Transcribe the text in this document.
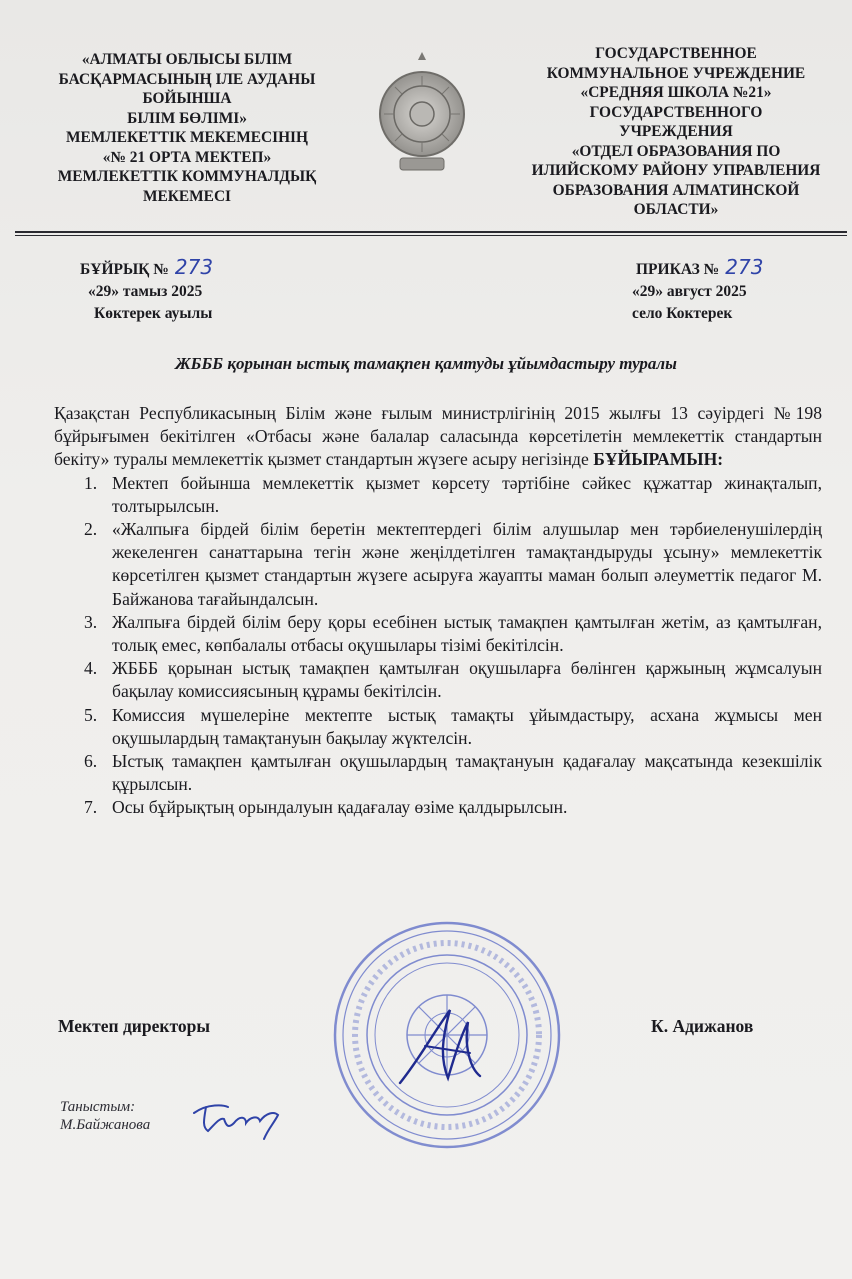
«АЛМАТЫ ОБЛЫСЫ БІЛІМ
БАСҚАРМАСЫНЫҢ ІЛЕ АУДАНЫ
БОЙЫНША
БІЛІМ БӨЛІМІ»
МЕМЛЕКЕТТІК МЕКЕМЕСІНІҢ
«№ 21 ОРТА МЕКТЕП»
МЕМЛЕКЕТТІК КОММУНАЛДЫҚ
МЕКЕМЕСІ
ГОСУДАРСТВЕННОЕ
КОММУНАЛЬНОЕ УЧРЕЖДЕНИЕ
«СРЕДНЯЯ ШКОЛА №21»
ГОСУДАРСТВЕННОГО
УЧРЕЖДЕНИЯ
«ОТДЕЛ ОБРАЗОВАНИЯ ПО
ИЛИЙСКОМУ РАЙОНУ УПРАВЛЕНИЯ
ОБРАЗОВАНИЯ АЛМАТИНСКОЙ
ОБЛАСТИ»
БҰЙРЫҚ № 273
«29» тамыз 2025
Көктерек ауылы
ПРИКАЗ № 273
«29» август 2025
село Коктерек
ЖБББ қорынан ыстық тамақпен қамтуды ұйымдастыру туралы

Қазақстан Республикасының Білім және ғылым министрлігінің 2015 жылғы 13 сәуірдегі №198 бұйрығымен бекітілген «Отбасы және балалар саласында көрсетілетін мемлекеттік стандартын бекіту» туралы мемлекеттік қызмет стандартын жүзеге асыру негізінде БҰЙЫРАМЫН:

1. Мектеп бойынша мемлекеттік қызмет көрсету тәртібіне сәйкес құжаттар жинақталып, толтырылсын.
2. «Жалпыға бірдей білім беретін мектептердегі білім алушылар мен тәрбиеленушілердің жекеленген санаттарына тегін және жеңілдетілген тамақтандыруды ұсыну» мемлекеттік көрсетілген қызмет стандартын жүзеге асыруға жауапты маман болып әлеуметтік педагог М. Байжанова тағайындалсын.
3. Жалпыға бірдей білім беру қоры есебінен ыстық тамақпен қамтылған жетім, аз қамтылған, толық емес, көпбалалы отбасы оқушылары тізімі бекітілсін.
4. ЖБББ қорынан ыстық тамақпен қамтылған оқушыларға бөлінген қаржының жұмсалуын бақылау комиссиясының құрамы бекітілсін.
5. Комиссия мүшелеріне мектепте ыстық тамақты ұйымдастыру, асхана жұмысы мен оқушылардың тамақтануын бақылау жүктелсін.
6. Ыстық тамақпен қамтылған оқушылардың тамақтануын қадағалау мақсатында кезекшілік құрылсын.
7. Осы бұйрықтың орындалуын қадағалау өзіме қалдырылсын.
Мектеп директоры	К. Адижанов
Таныстым:
М.Байжанова
